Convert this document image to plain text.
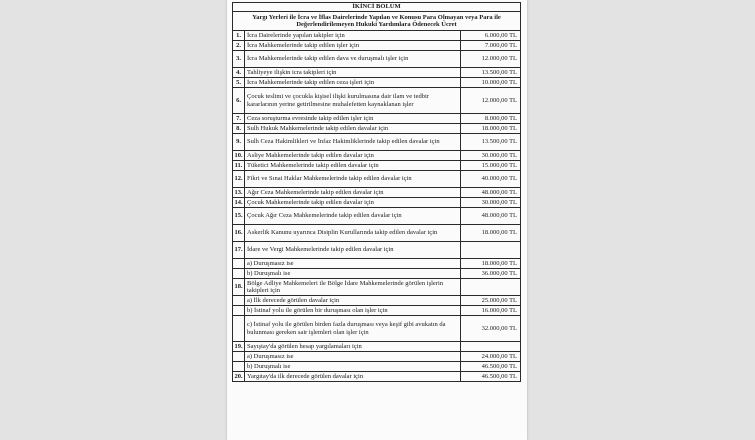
İKİNCİ BÖLÜM		
Yargı Yerleri ile İcra ve İflas Dairelerinde Yapılan ve Konusu Para Olmayan veya Para ile Değerlendirilemeyen Hukuki Yardımlara Ödenecek Ücret		
1.	İcra Dairelerinde yapılan takipler için	6.000,00 TL
2.	İcra Mahkemelerinde takip edilen işler için	7.000,00 TL
3.	İcra Mahkemelerinde takip edilen dava ve duruşmalı işler için	12.000,00 TL
4.	Tahliyeye ilişkin icra takipleri için	13.500,00 TL
5.	İcra Mahkemelerinde takip edilen ceza işleri için	10.000,00 TL
6.	Çocuk teslimi ve çocukla kişisel ilişki kurulmasına dair ilam ve tedbir kararlarının yerine getirilmesine muhalefetten kaynaklanan işler	12.000,00 TL
7.	Ceza soruşturma evresinde takip edilen işler için	8.000,00 TL
8.	Sulh Hukuk Mahkemelerinde takip edilen davalar için	18.000,00 TL
9.	Sulh Ceza Hakimlikleri ve İnfaz Hakimliklerinde takip edilen davalar için	13.500,00 TL
10.	Asliye Mahkemelerinde takip edilen davalar için	30.000,00 TL
11.	Tüketici Mahkemelerinde takip edilen davalar için	15.000,00 TL
12.	Fikri ve Sınai Haklar Mahkemelerinde takip edilen davalar için	40.000,00 TL
13.	Ağır Ceza Mahkemelerinde takip edilen davalar için	48.000,00 TL
14.	Çocuk Mahkemelerinde takip edilen davalar için	30.000,00 TL
15.	Çocuk Ağır Ceza Mahkemelerinde takip edilen davalar için	48.000,00 TL
16.	Askerlik Kanunu uyarınca Disiplin Kurullarında takip edilen davalar için	18.000,00 TL
17.	İdare ve Vergi Mahkemelerinde takip edilen davalar için	
	a) Duruşmasız ise	18.000,00 TL
	b) Duruşmalı ise	36.000,00 TL
18.	Bölge Adliye Mahkemeleri ile Bölge İdare Mahkemelerinde görülen işlerin takipleri için	
	a) İlk derecede görülen davalar için	25.000,00 TL
	b) İstinaf yolu ile görülen bir duruşması olan işler için	16.000,00 TL
	c) İstinaf yolu ile görülen birden fazla duruşması veya keşif gibi avukatın da bulunması gereken sair işlemleri olan işler için	32.000,00 TL
19.	Sayıştay'da görülen hesap yargılamaları için	
	a) Duruşmasız ise	24.000,00 TL
	b) Duruşmalı ise	46.500,00 TL
20.	Yargıtay'da ilk derecede görülen davalar için	46.500,00 TL
